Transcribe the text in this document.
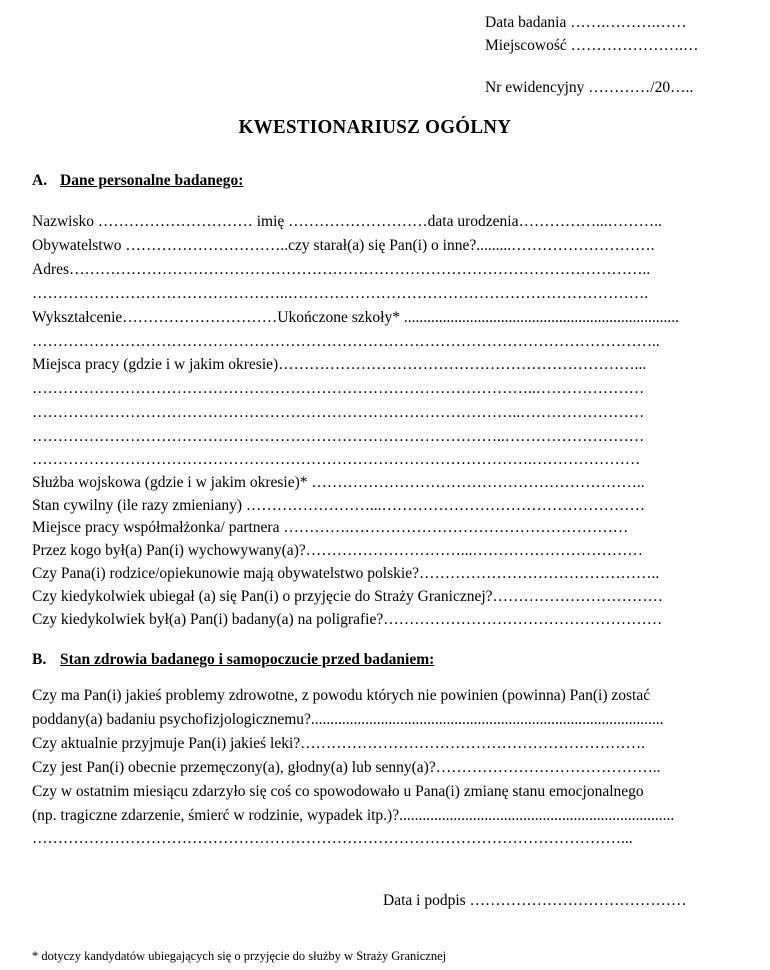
Data badania …….……….……
Miejscowość ………………….…
Nr ewidencyjny …………/20…..
KWESTIONARIUSZ OGÓLNY
A. Dane personalne badanego:
Nazwisko ………………………… imię ………………………data urodzenia……………...………..
Obywatelstwo …………………………..czy starał(a) się Pan(i) o inne?.........……………………….
Adres…………………………………………………………………………………………………..
…………………………………………..…………………………………………………………….
Wykształcenie…………………………Ukończone szkoły* .......................................................................
…………………………………………………………………………………………………………..
Miejsca pracy (gdzie i w jakim okresie)……………………………………………………………...
……………………………………………………………………………………..…………………
…………………………………………………………………………………..……………………
………………………………………………………………………………..………………………
…………………………………………………………………………………….…………………
Służba wojskowa (gdzie i w jakim okresie)* ………………………………………………………..
Stan cywilny (ile razy zmieniany) ……………………...……………………………………………
Miejsce pracy współmałżonka/ partnera ………….………………………………………………
Przez kogo był(a) Pan(i) wychowywany(a)?…………………………...……………………………
Czy Pana(i) rodzice/opiekunowie mają obywatelstwo polskie?………………………………………..
Czy kiedykolwiek ubiegał (a) się Pan(i) o przyjęcie do Straży Granicznej?……………………………
Czy kiedykolwiek był(a) Pan(i) badany(a) na poligrafie?………………………………………………
B. Stan zdrowia badanego i samopoczucie przed badaniem:
Czy ma Pan(i) jakieś problemy zdrowotne, z powodu których nie powinien (powinna) Pan(i) zostać
poddany(a) badaniu psychofizjologicznemu?...........................................................................................
Czy aktualnie przyjmuje Pan(i) jakieś leki?………………………………………………………….
Czy jest Pan(i) obecnie przemęczony(a), głodny(a) lub senny(a)?……………………………………..
Czy w ostatnim miesiącu zdarzyło się coś co spowodowało u Pana(i) zmianę stanu emocjonalnego
(np. tragiczne zdarzenie, śmierć w rodzinie, wypadek itp.)?.......................................................................
……………………………………………………………………………………………………...
Data i podpis ……………………………………
* dotyczy kandydatów ubiegających się o przyjęcie do służby w Straży Granicznej
